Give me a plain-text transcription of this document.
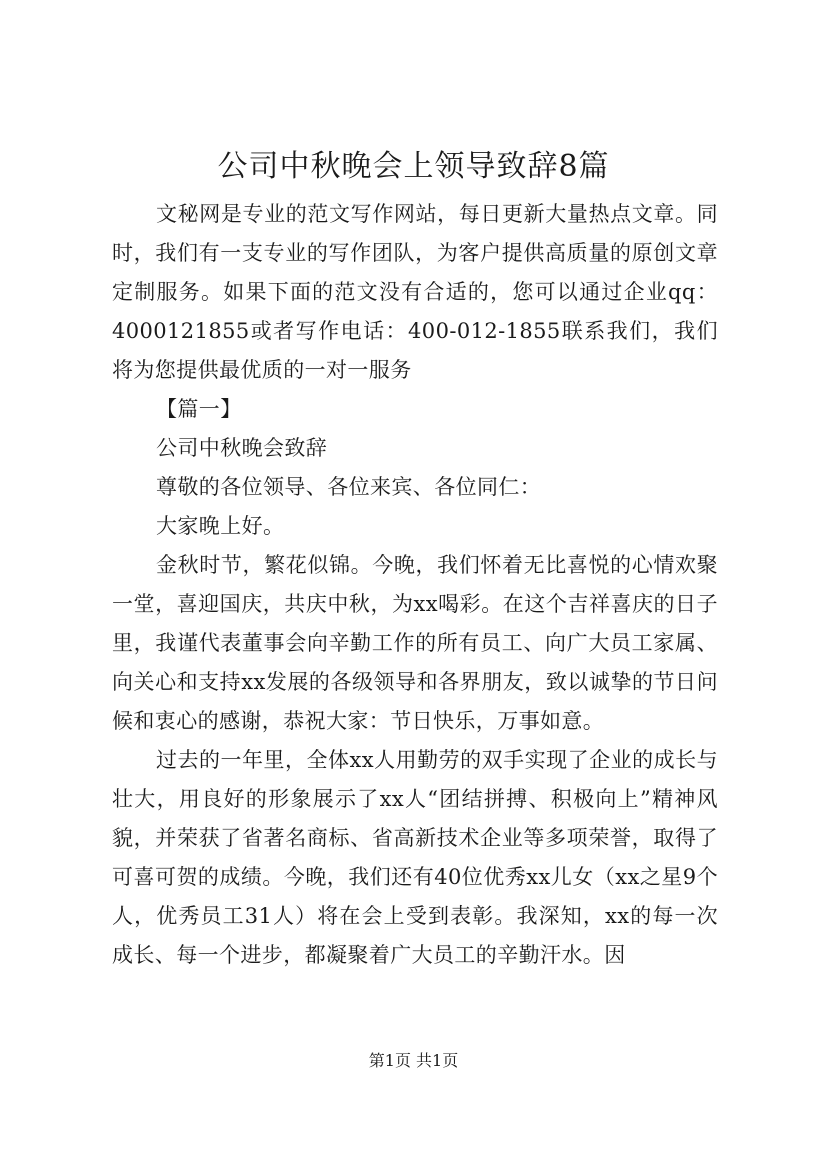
公司中秋晚会上领导致辞8篇

文秘网是专业的范文写作网站，每日更新大量热点文章。同时，我们有一支专业的写作团队，为客户提供高质量的原创文章定制服务。如果下面的范文没有合适的，您可以通过企业qq：4000121855或者写作电话：400-012-1855联系我们，我们将为您提供最优质的一对一服务

【篇一】

公司中秋晚会致辞

尊敬的各位领导、各位来宾、各位同仁：

大家晚上好。

金秋时节，繁花似锦。今晚，我们怀着无比喜悦的心情欢聚一堂，喜迎国庆，共庆中秋，为xx喝彩。在这个吉祥喜庆的日子里，我谨代表董事会向辛勤工作的所有员工、向广大员工家属、向关心和支持xx发展的各级领导和各界朋友，致以诚挚的节日问候和衷心的感谢，恭祝大家：节日快乐，万事如意。

过去的一年里，全体xx人用勤劳的双手实现了企业的成长与壮大，用良好的形象展示了xx人“团结拼搏、积极向上”精神风貌，并荣获了省著名商标、省高新技术企业等多项荣誉，取得了可喜可贺的成绩。今晚，我们还有40位优秀xx儿女（xx之星9个人，优秀员工31人）将在会上受到表彰。我深知，xx的每一次成长、每一个进步，都凝聚着广大员工的辛勤汗水。因

第1页 共1页
